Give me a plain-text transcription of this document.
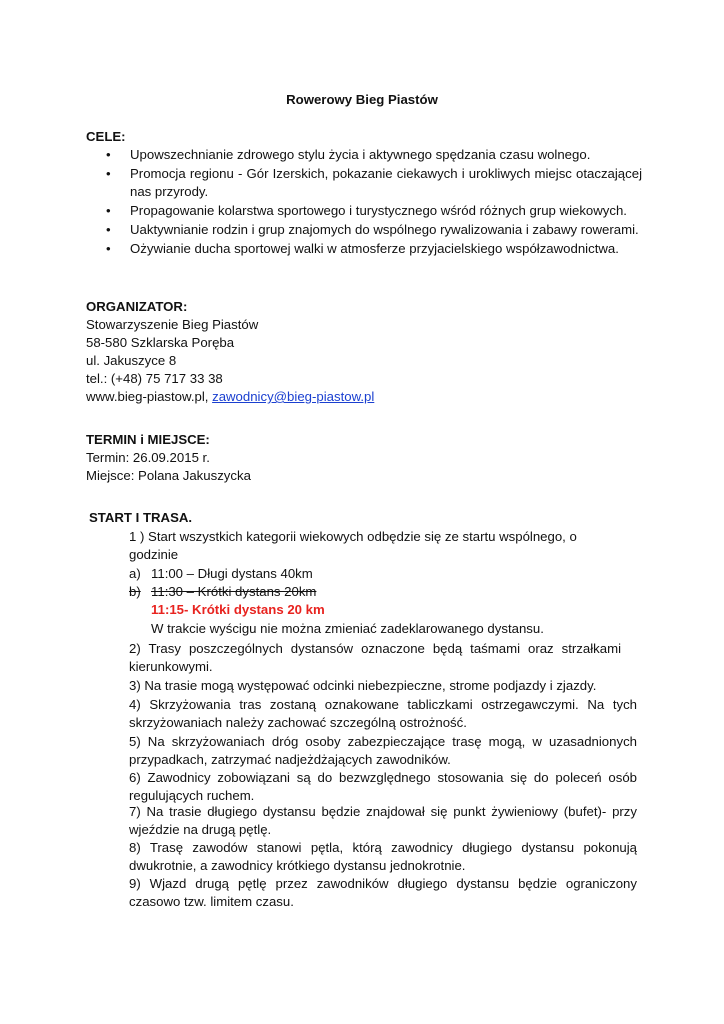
Rowerowy Bieg Piastów
CELE:
• Upowszechnianie zdrowego stylu życia i aktywnego spędzania czasu wolnego.
• Promocja regionu - Gór Izerskich, pokazanie ciekawych i urokliwych miejsc otaczającej nas przyrody.
• Propagowanie kolarstwa sportowego i turystycznego wśród różnych grup wiekowych.
• Uaktywnianie rodzin i grup znajomych do wspólnego rywalizowania i zabawy rowerami.
• Ożywianie ducha sportowej walki w atmosferze przyjacielskiego współzawodnictwa.
ORGANIZATOR:
Stowarzyszenie Bieg Piastów
58-580 Szklarska Poręba
ul. Jakuszyce 8
tel.: (+48) 75 717 33 38
www.bieg-piastow.pl, zawodnicy@bieg-piastow.pl
TERMIN i MIEJSCE:
Termin: 26.09.2015 r.
Miejsce: Polana Jakuszycka
START I TRASA.
1 ) Start wszystkich kategorii wiekowych odbędzie się ze startu wspólnego, o godzinie
a) 11:00 – Długi dystans 40km
b) 11:30 – Krótki dystans 20km
11:15- Krótki dystans 20 km
W trakcie wyścigu nie można zmieniać zadeklarowanego dystansu.
2) Trasy poszczególnych dystansów oznaczone będą taśmami oraz strzałkami kierunkowymi.
3) Na trasie mogą występować odcinki niebezpieczne, strome podjazdy i zjazdy.
4) Skrzyżowania tras zostaną oznakowane tabliczkami ostrzegawczymi. Na tych skrzyżowaniach należy zachować szczególną ostrożność.
5) Na skrzyżowaniach dróg osoby zabezpieczające trasę mogą, w uzasadnionych przypadkach, zatrzymać nadjeżdżających zawodników.
6) Zawodnicy zobowiązani są do bezwzględnego stosowania się do poleceń osób regulujących ruchem.
7) Na trasie długiego dystansu będzie znajdował się punkt żywieniowy (bufet)- przy wjeździe na drugą pętlę.
8) Trasę zawodów stanowi pętla, którą zawodnicy długiego dystansu pokonują dwukrotnie, a zawodnicy krótkiego dystansu jednokrotnie.
9) Wjazd drugą pętlę przez zawodników długiego dystansu będzie ograniczony czasowo tzw. limitem czasu.
